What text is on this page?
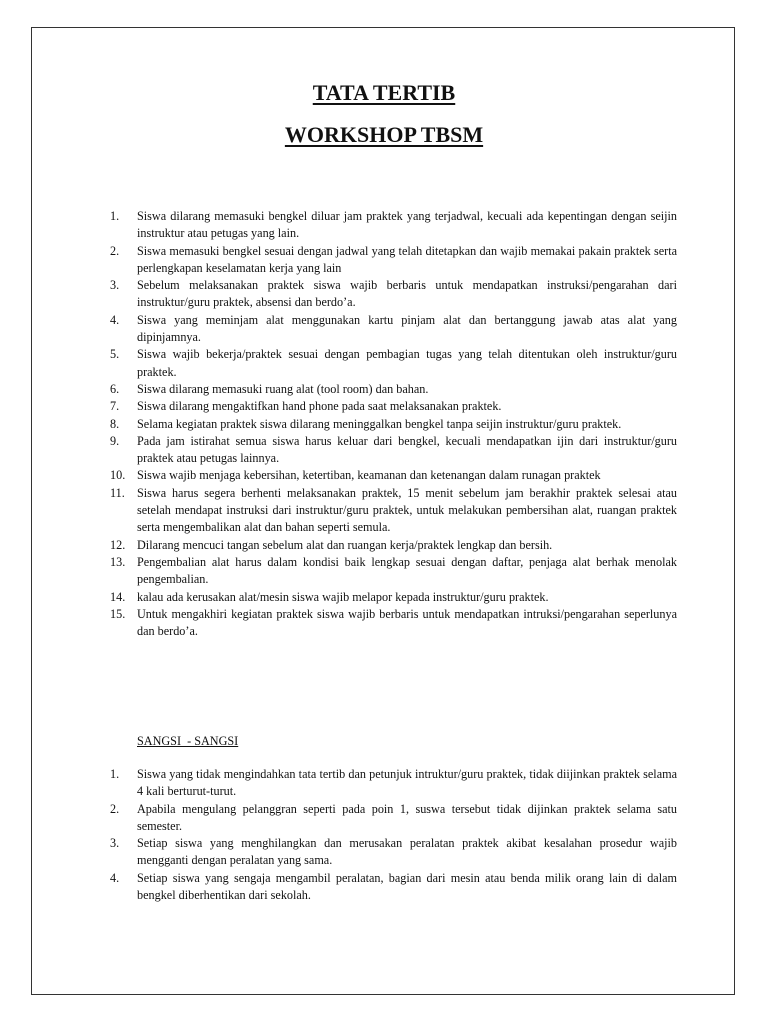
TATA TERTIB
WORKSHOP TBSM
1.	Siswa dilarang memasuki bengkel diluar jam praktek yang terjadwal, kecuali ada kepentingan dengan seijin instruktur atau petugas yang lain.
2.	Siswa memasuki bengkel sesuai dengan jadwal yang telah ditetapkan dan wajib memakai pakain praktek serta perlengkapan keselamatan kerja yang lain
3.	Sebelum melaksanakan praktek siswa wajib berbaris untuk mendapatkan instruksi/pengarahan dari instruktur/guru praktek, absensi dan berdo’a.
4.	Siswa yang meminjam alat menggunakan kartu pinjam alat dan bertanggung jawab atas alat yang dipinjamnya.
5.	Siswa wajib bekerja/praktek sesuai dengan pembagian tugas yang telah ditentukan oleh instruktur/guru praktek.
6.	Siswa dilarang memasuki ruang alat (tool room) dan bahan.
7.	Siswa dilarang mengaktifkan hand phone pada saat melaksanakan praktek.
8.	Selama kegiatan praktek siswa dilarang meninggalkan bengkel tanpa seijin instruktur/guru praktek.
9.	Pada jam istirahat semua siswa harus keluar dari bengkel, kecuali mendapatkan ijin dari instruktur/guru praktek atau petugas lainnya.
10. Siswa wajib menjaga kebersihan, ketertiban, keamanan dan ketenangan dalam runagan praktek
11.	Siswa harus segera berhenti melaksanakan praktek, 15 menit sebelum jam berakhir praktek selesai atau setelah mendapat instruksi dari instruktur/guru praktek, untuk melakukan pembersihan alat, ruangan praktek serta mengembalikan alat dan bahan seperti semula.
12. Dilarang mencuci tangan sebelum alat dan ruangan kerja/praktek lengkap dan bersih.
13. Pengembalian alat harus dalam kondisi baik lengkap sesuai dengan daftar, penjaga alat berhak menolak pengembalian.
14. kalau ada kerusakan alat/mesin siswa wajib melapor kepada instruktur/guru praktek.
15. Untuk mengakhiri kegiatan praktek siswa wajib berbaris untuk mendapatkan intruksi/pengarahan seperlunya dan berdo’a.

SANGSI  - SANGSI

1.	Siswa yang tidak mengindahkan tata tertib dan petunjuk intruktur/guru praktek, tidak diijinkan praktek selama 4 kali berturut-turut.
2.	Apabila mengulang pelanggran seperti pada poin 1, suswa tersebut tidak dijinkan praktek selama satu semester.
3.	Setiap siswa yang menghilangkan dan merusakan peralatan praktek akibat kesalahan prosedur wajib mengganti dengan peralatan yang sama.
4.	Setiap siswa yang sengaja mengambil peralatan, bagian dari mesin atau benda milik orang lain di dalam bengkel diberhentikan dari sekolah.
